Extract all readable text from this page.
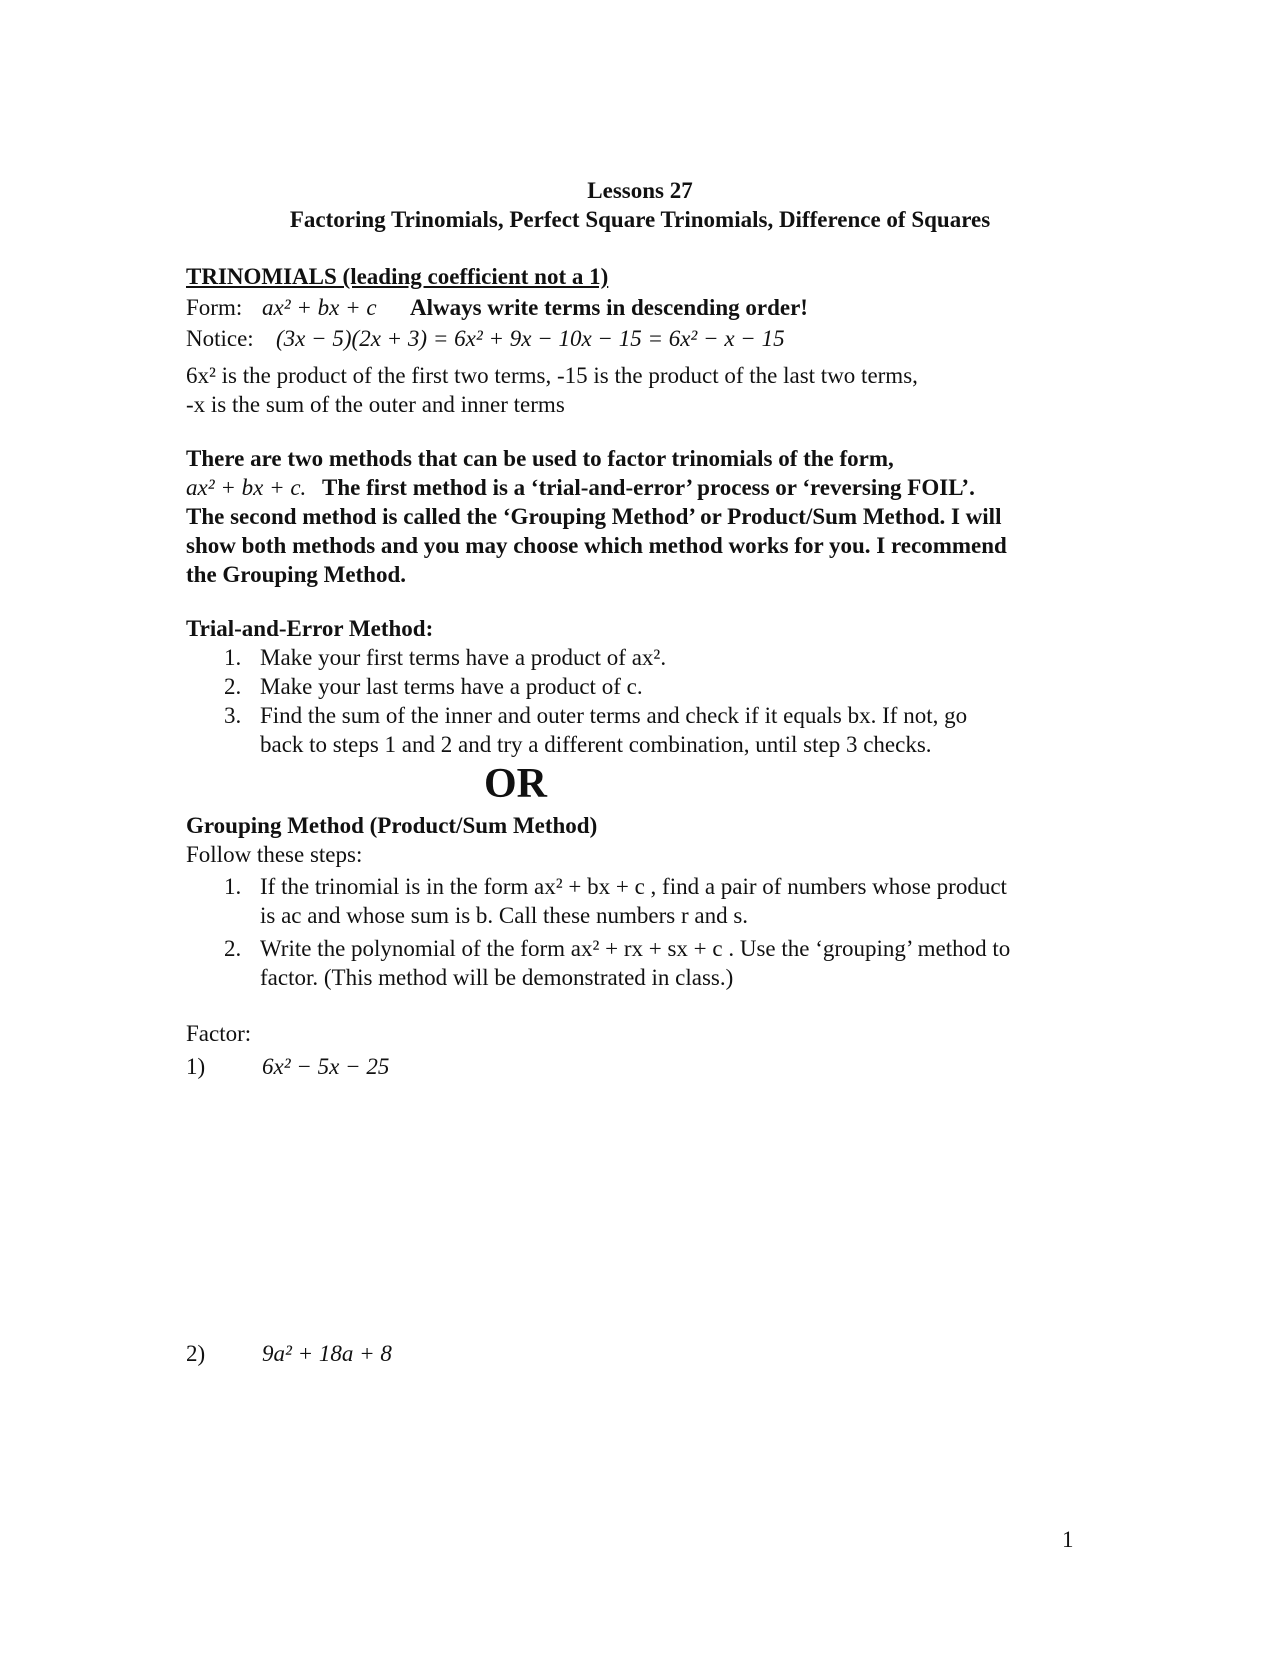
Lessons 27
Factoring Trinomials, Perfect Square Trinomials, Difference of Squares
TRINOMIALS (leading coefficient not a 1)
Form: ax² + bx + c Always write terms in descending order!
Notice: (3x − 5)(2x + 3) = 6x² + 9x − 10x − 15 = 6x² − x − 15
6x² is the product of the first two terms, -15 is the product of the last two terms,
-x is the sum of the outer and inner terms
There are two methods that can be used to factor trinomials of the form,
ax² + bx + c. The first method is a ‘trial-and-error’ process or ‘reversing FOIL’.
The second method is called the ‘Grouping Method’ or Product/Sum Method. I will
show both methods and you may choose which method works for you. I recommend
the Grouping Method.
Trial-and-Error Method:
1. Make your first terms have a product of ax².
2. Make your last terms have a product of c.
3. Find the sum of the inner and outer terms and check if it equals bx. If not, go
back to steps 1 and 2 and try a different combination, until step 3 checks.
OR
Grouping Method (Product/Sum Method)
Follow these steps:
1. If the trinomial is in the form ax² + bx + c , find a pair of numbers whose product
is ac and whose sum is b. Call these numbers r and s.
2. Write the polynomial of the form ax² + rx + sx + c . Use the ‘grouping’ method to
factor. (This method will be demonstrated in class.)
Factor:
1) 6x² − 5x − 25
2) 9a² + 18a + 8
1
